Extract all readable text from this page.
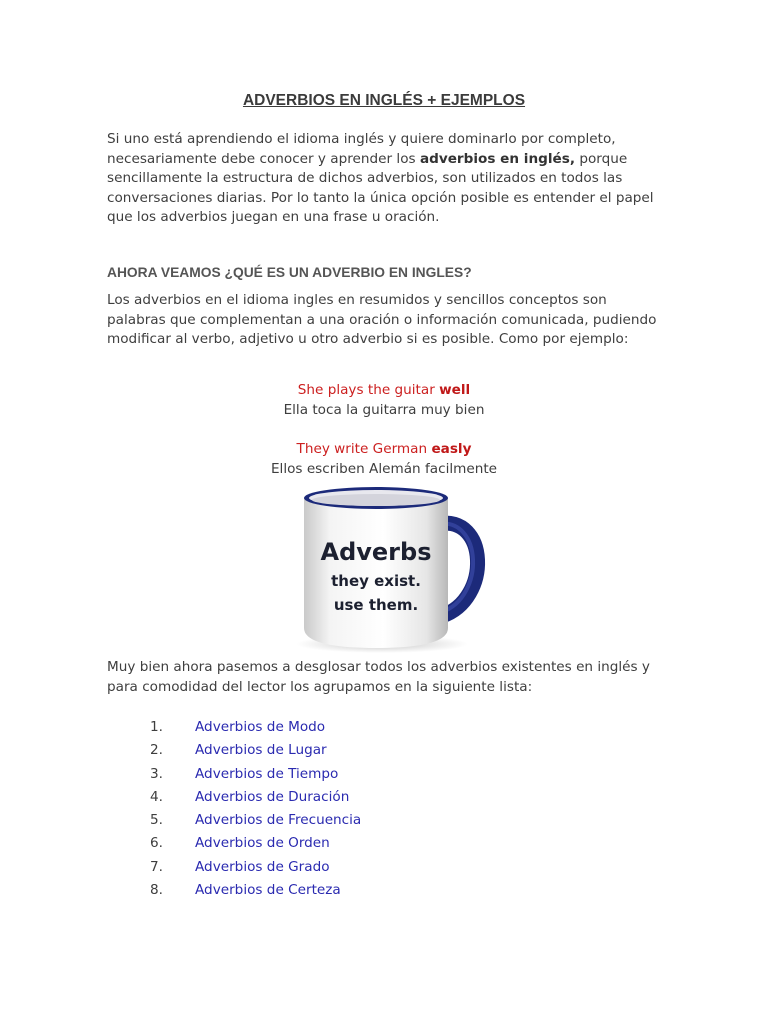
ADVERBIOS EN INGLÉS + EJEMPLOS
Si uno está aprendiendo el idioma inglés y quiere dominarlo por completo, necesariamente debe conocer y aprender los adverbios en inglés, porque sencillamente la estructura de dichos adverbios, son utilizados en todos las conversaciones diarias. Por lo tanto la única opción posible es entender el papel que los adverbios juegan en una frase u oración.
AHORA VEAMOS ¿QUÉ ES UN ADVERBIO EN INGLES?
Los adverbios en el idioma ingles en resumidos y sencillos conceptos son palabras que complementan a una oración o información comunicada, pudiendo modificar al verbo, adjetivo u otro adverbio si es posible. Como por ejemplo:
She plays the guitar well
Ella toca la guitarra muy bien
They write German easly
Ellos escriben Alemán facilmente
Adverbs
they exist.
use them.
Muy bien ahora pasemos a desglosar todos los adverbios existentes en inglés y para comodidad del lector los agrupamos en la siguiente lista:
1.	Adverbios de Modo
2.	Adverbios de Lugar
3.	Adverbios de Tiempo
4.	Adverbios de Duración
5.	Adverbios de Frecuencia
6.	Adverbios de Orden
7.	Adverbios de Grado
8.	Adverbios de Certeza
